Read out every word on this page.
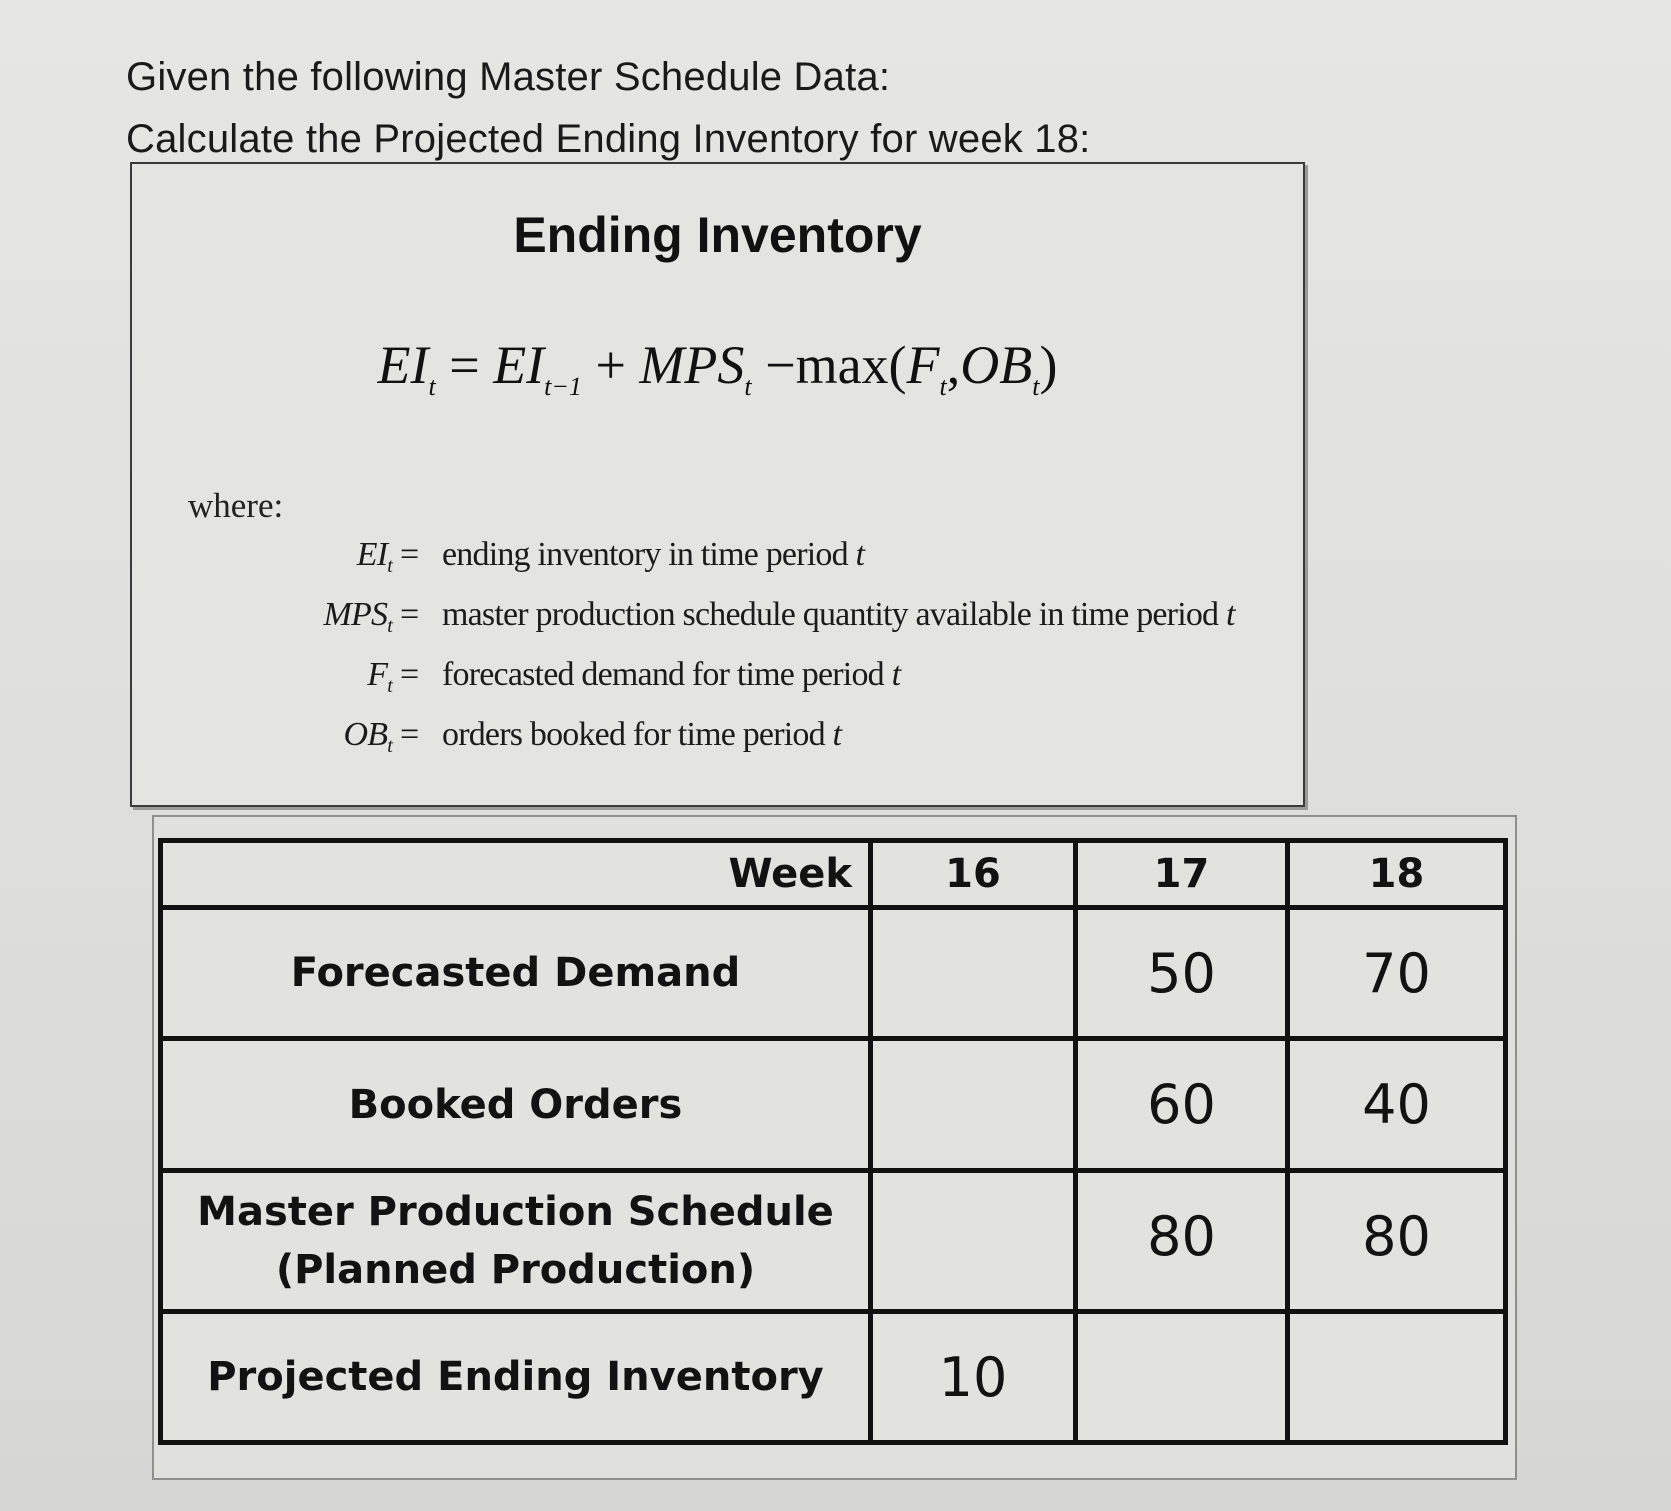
Given the following Master Schedule Data:
Calculate the Projected Ending Inventory for week 18:
Ending Inventory
$EI_t = EI_{t-1} + MPS_t -\max(F_t,OB_t)$
where:
$EI_t$ = ending inventory in time period t
$MPS_t$ = master production schedule quantity available in time period t
$F_t$ = forecasted demand for time period t
$OB_t$ = orders booked for time period t
Week	16	17	18
Forecasted Demand		50	70
Booked Orders		60	40

Master Production Schedule
(Planned Production)		80	80
Projected Ending Inventory	10		
